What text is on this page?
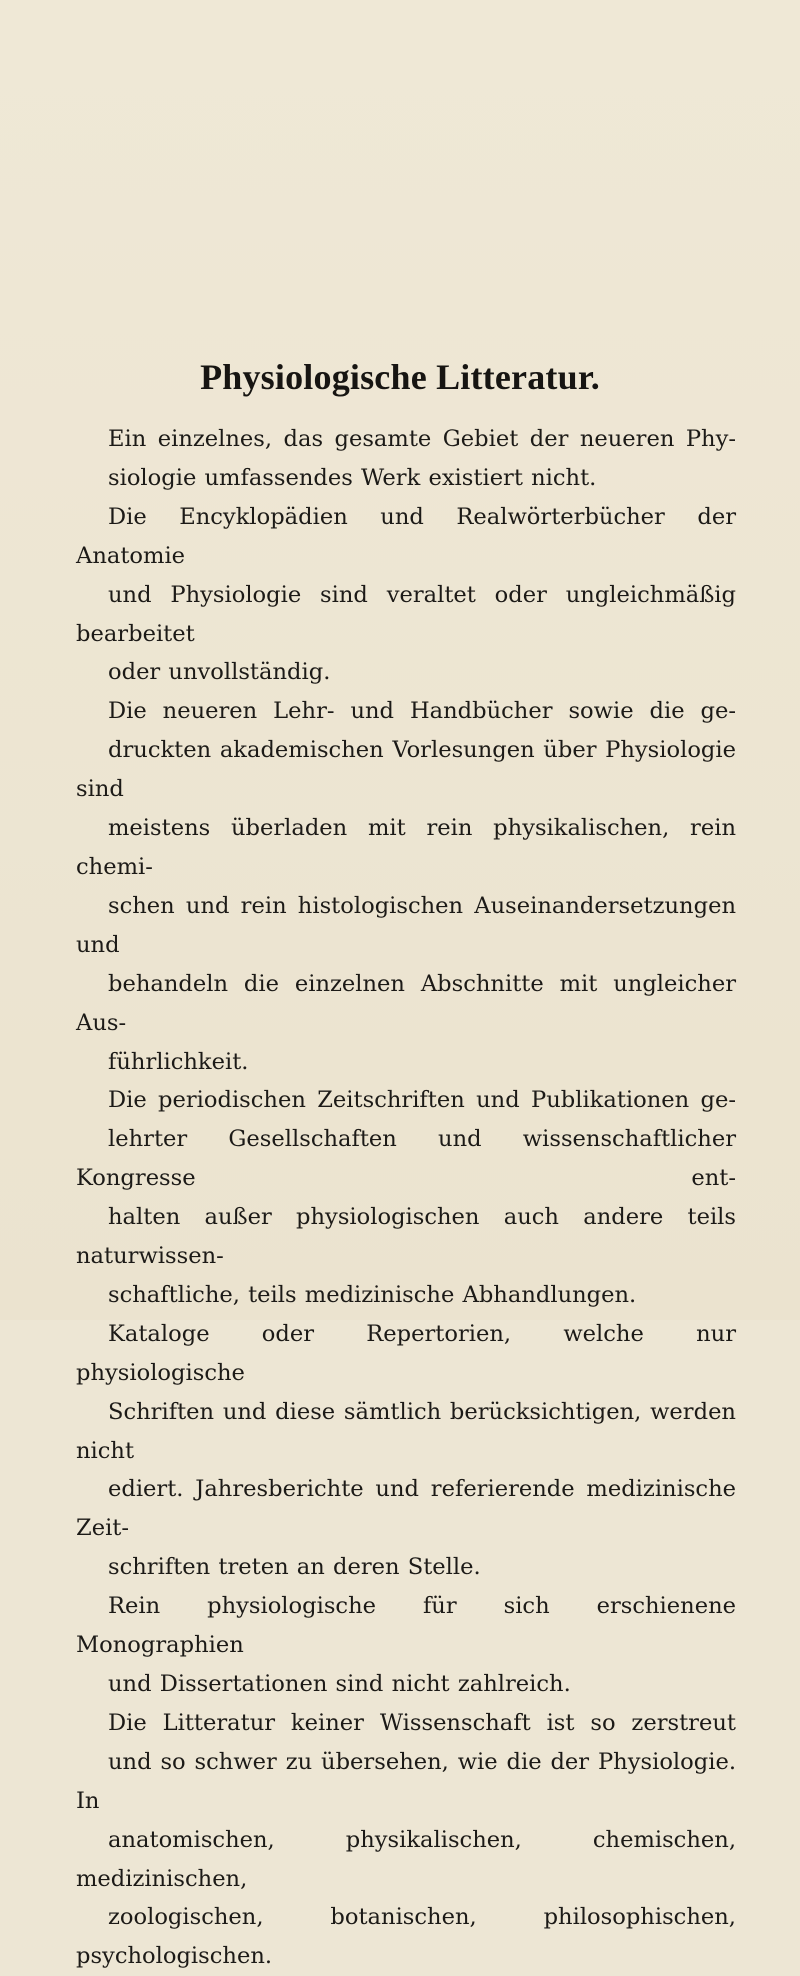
Physiologische Litteratur.

Ein einzelnes, das gesamte Gebiet der neueren Phy-
siologie umfassendes Werk existiert nicht.

Die Encyklopädien und Realwörterbücher der Anatomie
und Physiologie sind veraltet oder ungleichmäßig bearbeitet
oder unvollständig.

Die neueren Lehr- und Handbücher sowie die ge-
druckten akademischen Vorlesungen über Physiologie sind
meistens überladen mit rein physikalischen, rein chemi-
schen und rein histologischen Auseinandersetzungen und
behandeln die einzelnen Abschnitte mit ungleicher Aus-
führlichkeit.

Die periodischen Zeitschriften und Publikationen ge-
lehrter Gesellschaften und wissenschaftlicher Kongresse ent-
halten außer physiologischen auch andere teils naturwissen-
schaftliche, teils medizinische Abhandlungen.

Kataloge oder Repertorien, welche nur physiologische
Schriften und diese sämtlich berücksichtigen, werden nicht
ediert. Jahresberichte und referierende medizinische Zeit-
schriften treten an deren Stelle.

Rein physiologische für sich erschienene Monographien
und Dissertationen sind nicht zahlreich.

Die Litteratur keiner Wissenschaft ist so zerstreut
und so schwer zu übersehen, wie die der Physiologie. In
anatomischen, physikalischen, chemischen, medizinischen,
zoologischen, botanischen, philosophischen, psychologischen.
